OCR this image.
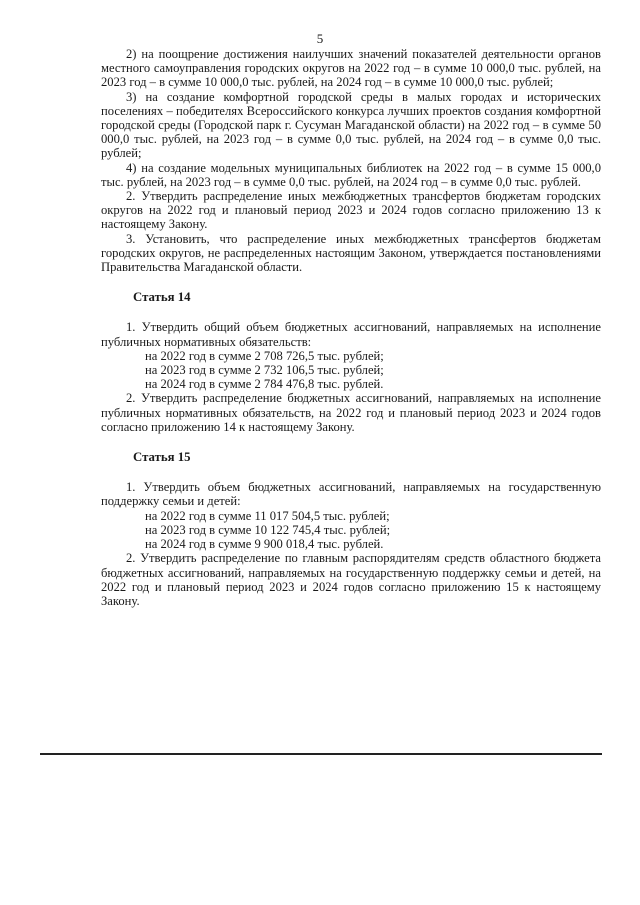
5

2) на поощрение достижения наилучших значений показателей деятельности органов местного самоуправления городских округов на 2022 год – в сумме 10 000,0 тыс. рублей, на 2023 год – в сумме 10 000,0 тыс. рублей, на 2024 год – в сумме 10 000,0 тыс. рублей;

3) на создание комфортной городской среды в малых городах и исторических поселениях – победителях Всероссийского конкурса лучших проектов создания комфортной городской среды (Городской парк г. Сусуман Магаданской области) на 2022 год – в сумме 50 000,0 тыс. рублей, на 2023 год – в сумме 0,0 тыс. рублей, на 2024 год – в сумме 0,0 тыс. рублей;

4) на создание модельных муниципальных библиотек на 2022 год – в сумме 15 000,0 тыс. рублей, на 2023 год – в сумме 0,0 тыс. рублей, на 2024 год – в сумме 0,0 тыс. рублей.

2. Утвердить распределение иных межбюджетных трансфертов бюджетам городских округов на 2022 год и плановый период 2023 и 2024 годов согласно приложению 13 к настоящему Закону.

3. Установить, что распределение иных межбюджетных трансфертов бюджетам городских округов, не распределенных настоящим Законом, утверждается постановлениями Правительства Магаданской области.

Статья 14

1. Утвердить общий объем бюджетных ассигнований, направляемых на исполнение публичных нормативных обязательств:

на 2022 год в сумме 2 708 726,5 тыс. рублей;

на 2023 год в сумме 2 732 106,5 тыс. рублей;

на 2024 год в сумме 2 784 476,8 тыс. рублей.

2. Утвердить распределение бюджетных ассигнований, направляемых на исполнение публичных нормативных обязательств, на 2022 год и плановый период 2023 и 2024 годов согласно приложению 14 к настоящему Закону.

Статья 15

1. Утвердить объем бюджетных ассигнований, направляемых на государственную поддержку семьи и детей:

на 2022 год в сумме 11 017 504,5 тыс. рублей;

на 2023 год в сумме 10 122 745,4 тыс. рублей;

на 2024 год в сумме 9 900 018,4 тыс. рублей.

2. Утвердить распределение по главным распорядителям средств областного бюджета бюджетных ассигнований, направляемых на государственную поддержку семьи и детей, на 2022 год и плановый период 2023 и 2024 годов согласно приложению 15 к настоящему Закону.
